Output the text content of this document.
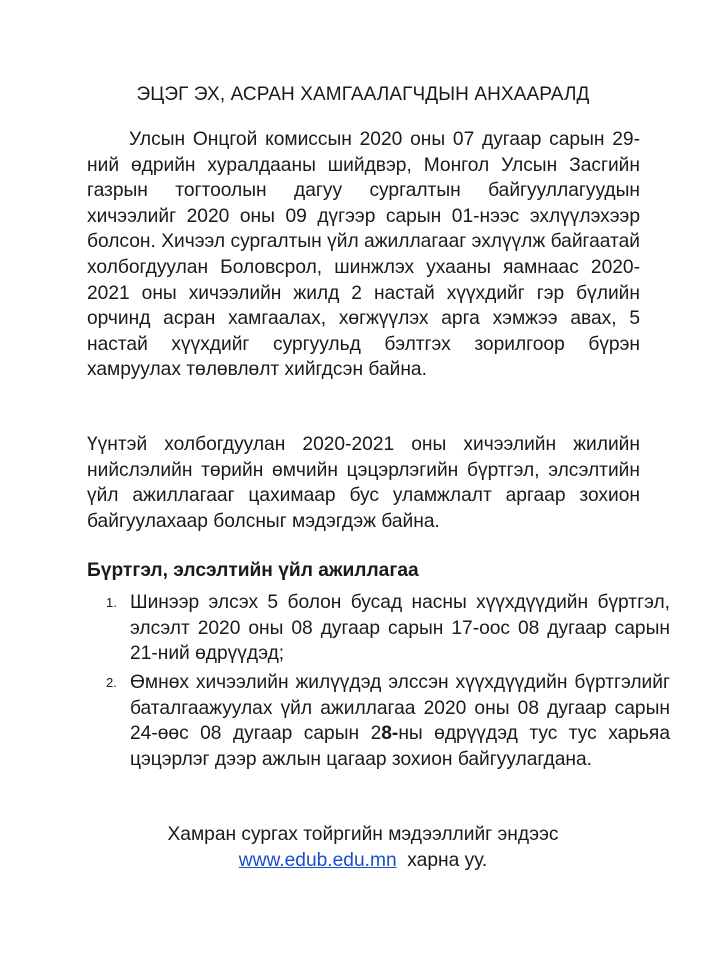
ЭЦЭГ ЭХ, АСРАН ХАМГААЛАГЧДЫН АНХААРАЛД
Улсын Онцгой комиссын 2020 оны 07 дугаар сарын 29-ний өдрийн хуралдааны шийдвэр, Монгол Улсын Засгийн газрын тогтоолын дагуу сургалтын байгууллагуудын хичээлийг 2020 оны 09 дүгээр сарын 01-нээс эхлүүлэхээр болсон. Хичээл сургалтын үйл ажиллагааг эхлүүлж байгаатай холбогдуулан Боловсрол, шинжлэх ухааны яамнаас 2020-2021 оны хичээлийн жилд 2 настай хүүхдийг гэр бүлийн орчинд асран хамгаалах, хөгжүүлэх арга хэмжээ авах, 5 настай хүүхдийг сургуульд бэлтгэх зорилгоор бүрэн хамруулах төлөвлөлт хийгдсэн байна.
Үүнтэй холбогдуулан 2020-2021 оны хичээлийн жилийн нийслэлийн төрийн өмчийн цэцэрлэгийн бүртгэл, элсэлтийн үйл ажиллагааг цахимаар бус уламжлалт аргаар зохион байгуулахаар болсныг мэдэгдэж байна.
Бүртгэл, элсэлтийн үйл ажиллагаа
1. Шинээр элсэх 5 болон бусад насны хүүхдүүдийн бүртгэл, элсэлт 2020 оны 08 дугаар сарын 17-оос 08 дугаар сарын 21-ний өдрүүдэд;
2. Өмнөх хичээлийн жилүүдэд элссэн хүүхдүүдийн бүртгэлийг баталгаажуулах үйл ажиллагаа 2020 оны 08 дугаар сарын 24-өөс 08 дугаар сарын 28-ны өдрүүдэд тус тус харьяа цэцэрлэг дээр ажлын цагаар зохион байгуулагдана.
Хамран сургах тойргийн мэдээллийг эндээс
www.edub.edu.mn  харна уу.
